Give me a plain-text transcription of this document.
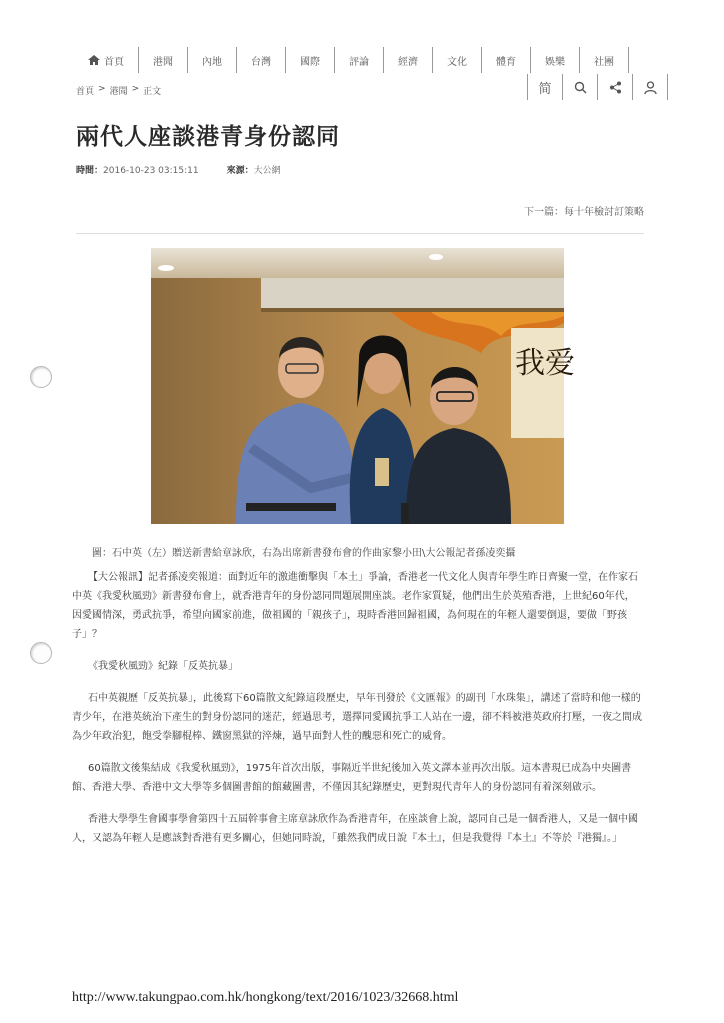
首頁	港聞	內地	台灣	國際	評論	經濟	文化	體育	娛樂	社團
首頁 > 港聞 > 正文	简
兩代人座談港青身份認同
時間：2016-10-23 03:15:11	來源：大公網
下一篇：每十年檢討訂策略
我爱
圖：石中英（左）贈送新書給章詠欣，右為出席新書發布會的作曲家黎小田\大公報記者孫凌奕攝

【大公報訊】記者孫凌奕報道：面對近年的激進衝擊與「本土」爭論，香港老一代文化人與青年學生昨日齊聚一堂，在作家石中英《我愛秋風勁》新書發布會上，就香港青年的身份認同問題展開座談。老作家質疑，他們出生於英殖香港，上世紀60年代，因愛國情深，勇武抗爭，希望向國家前進，做祖國的「親孩子」，現時香港回歸祖國，為何現在的年輕人還要倒退，要做「野孩子」？

《我愛秋風勁》紀錄「反英抗暴」

石中英親歷「反英抗暴」，此後寫下60篇散文紀錄這段歷史，早年刊發於《文匯報》的副刊「水珠集」，講述了當時和他一樣的青少年，在港英統治下產生的對身份認同的迷茫，經過思考，選擇同愛國抗爭工人站在一邊，卻不料被港英政府打壓，一夜之間成為少年政治犯，飽受拳腳棍棒、鐵窗黑獄的淬煉，過早面對人性的醜惡和死亡的威脅。

60篇散文後集結成《我愛秋風勁》，1975年首次出版，事隔近半世紀後加入英文譯本並再次出版。這本書現已成為中央圖書館、香港大學、香港中文大學等多個圖書館的館藏圖書，不僅因其紀錄歷史，更對現代青年人的身份認同有着深刻啟示。

香港大學學生會國事學會第四十五屆幹事會主席章詠欣作為香港青年，在座談會上說，認同自己是一個香港人，又是一個中國人，又認為年輕人是應該對香港有更多關心，但她同時說，「雖然我們成日說『本土』，但是我覺得『本土』不等於『港獨』。」

http://www.takungpao.com.hk/hongkong/text/2016/1023/32668.html
